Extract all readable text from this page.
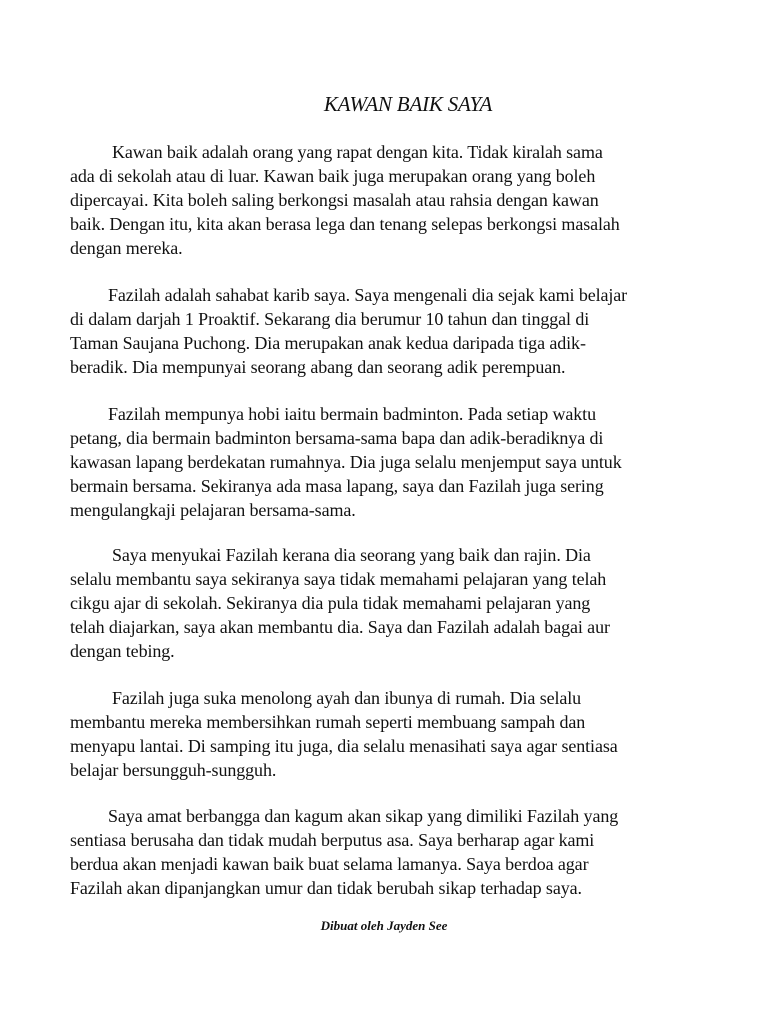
KAWAN BAIK SAYA

Kawan baik adalah orang yang rapat dengan kita. Tidak kiralah sama
ada di sekolah atau di luar. Kawan baik juga merupakan orang yang boleh
dipercayai. Kita boleh saling berkongsi masalah atau rahsia dengan kawan
baik. Dengan itu, kita akan berasa lega dan tenang selepas berkongsi masalah
dengan mereka.

Fazilah adalah sahabat karib saya. Saya mengenali dia sejak kami belajar
di dalam darjah 1 Proaktif. Sekarang dia berumur 10 tahun dan tinggal di
Taman Saujana Puchong. Dia merupakan anak kedua daripada tiga adik-
beradik. Dia mempunyai seorang abang dan seorang adik perempuan.

Fazilah mempunya hobi iaitu bermain badminton. Pada setiap waktu
petang, dia bermain badminton bersama-sama bapa dan adik-beradiknya di
kawasan lapang berdekatan rumahnya. Dia juga selalu menjemput saya untuk
bermain bersama. Sekiranya ada masa lapang, saya dan Fazilah juga sering
mengulangkaji pelajaran bersama-sama.

Saya menyukai Fazilah kerana dia seorang yang baik dan rajin. Dia
selalu membantu saya sekiranya saya tidak memahami pelajaran yang telah
cikgu ajar di sekolah. Sekiranya dia pula tidak memahami pelajaran yang
telah diajarkan, saya akan membantu dia. Saya dan Fazilah adalah bagai aur
dengan tebing.

Fazilah juga suka menolong ayah dan ibunya di rumah. Dia selalu
membantu mereka membersihkan rumah seperti membuang sampah dan
menyapu lantai. Di samping itu juga, dia selalu menasihati saya agar sentiasa
belajar bersungguh-sungguh.

Saya amat berbangga dan kagum akan sikap yang dimiliki Fazilah yang
sentiasa berusaha dan tidak mudah berputus asa. Saya berharap agar kami
berdua akan menjadi kawan baik buat selama lamanya. Saya berdoa agar
Fazilah akan dipanjangkan umur dan tidak berubah sikap terhadap saya.

Dibuat oleh Jayden See
